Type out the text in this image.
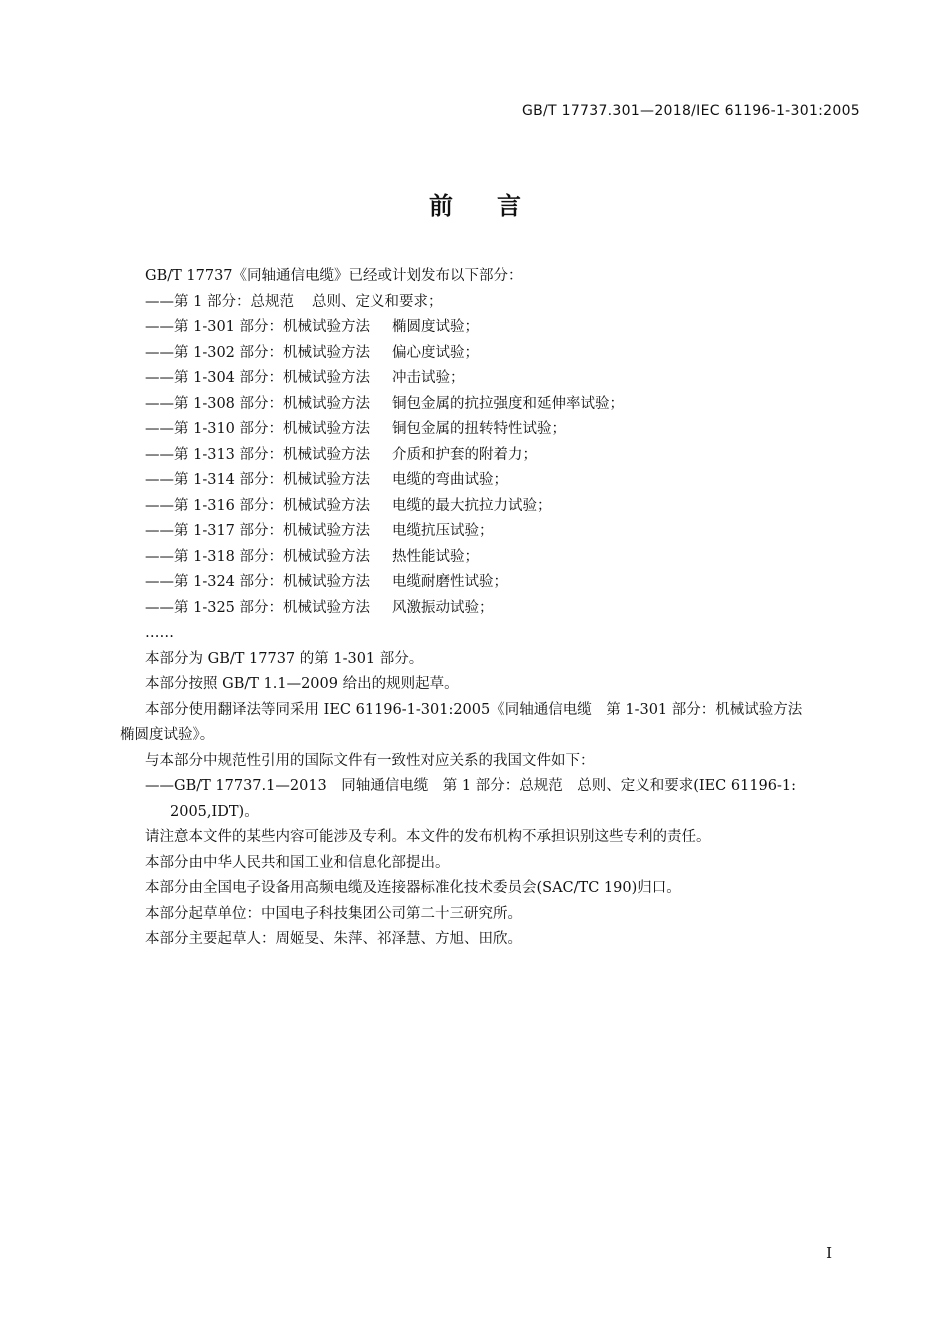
GB/T 17737.301—2018/IEC 61196-1-301:2005
前言
GB/T 17737《同轴通信电缆》已经或计划发布以下部分：
——第 1 部分：总规范 总则、定义和要求；
——第 1-301 部分：机械试验方法 椭圆度试验；
——第 1-302 部分：机械试验方法 偏心度试验；
——第 1-304 部分：机械试验方法 冲击试验；
——第 1-308 部分：机械试验方法 铜包金属的抗拉强度和延伸率试验；
——第 1-310 部分：机械试验方法 铜包金属的扭转特性试验；
——第 1-313 部分：机械试验方法 介质和护套的附着力；
——第 1-314 部分：机械试验方法 电缆的弯曲试验；
——第 1-316 部分：机械试验方法 电缆的最大抗拉力试验；
——第 1-317 部分：机械试验方法 电缆抗压试验；
——第 1-318 部分：机械试验方法 热性能试验；
——第 1-324 部分：机械试验方法 电缆耐磨性试验；
——第 1-325 部分：机械试验方法 风激振动试验；
……
本部分为 GB/T 17737 的第 1-301 部分。
本部分按照 GB/T 1.1—2009 给出的规则起草。
本部分使用翻译法等同采用 IEC 61196-1-301:2005《同轴通信电缆　第 1-301 部分：机械试验方法
椭圆度试验》。
与本部分中规范性引用的国际文件有一致性对应关系的我国文件如下：
——GB/T 17737.1—2013　同轴通信电缆　第 1 部分：总规范　总则、定义和要求(IEC 61196-1:
2005,IDT)。
请注意本文件的某些内容可能涉及专利。本文件的发布机构不承担识别这些专利的责任。
本部分由中华人民共和国工业和信息化部提出。
本部分由全国电子设备用高频电缆及连接器标准化技术委员会(SAC/TC 190)归口。
本部分起草单位：中国电子科技集团公司第二十三研究所。
本部分主要起草人：周姬旻、朱萍、祁泽慧、方旭、田欣。
I
